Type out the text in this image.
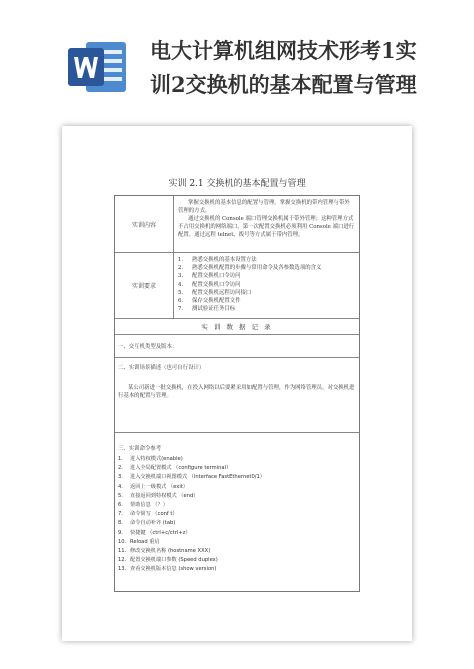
电大计算机组网技术形考1实
训2交换机的基本配置与管理
实训 2.1 交换机的基本配置与管理
实训内容

掌握交换机的基本信息的配置与管理。掌握交换机的带内管理与带外管理的方式。

通过交换机的 Console 端口管理交换机属于带外管理；这种管理方式不占用交换机的网络端口，第一次配置交换机必须利用 Console 端口进行配置。通过远程 telnet、拨号等方式属于带内管理。

实训要求
1. 熟悉交换机的基本设置方法
2. 熟悉交换机配置的步骤与常用命令及各参数选项的含义
3. 配置交换机口令访问
4. 配置交换机口令访问
5. 配置交换机远程访问接口
6. 保存交换机配置文件
7. 测试验证任务目标
实 训 数 据 记 录
一、交互机类型及版本：
二、实训场景描述（也可自行设计）
某公司新进一批交换机，在投入网络以后要紧采用如配置与管理，作为网络管理员，对交换机进行基本的配置与管理。
三、实训命令参考
1. 进入特权模式(enable)
2. 进入全局配置模式 （configure terminal）
3. 进入交换机端口视图模式 （interface FastEthernet0/1）
4. 返回上一级模式 （exit）
5. 直接返回到特权模式 （end）
6. 帮助信息 （？）
7. 命令简写 （conf t）
8. 命令自动补齐 (tab)
9. 快捷键 （ctrl+c/ctrl+z）
10. Reload 重启
11. 修改交换机名称 (hostname XXX)
12. 配置交换机端口参数 (Speed duplex)
13. 查看交换机版本信息 (show version)
